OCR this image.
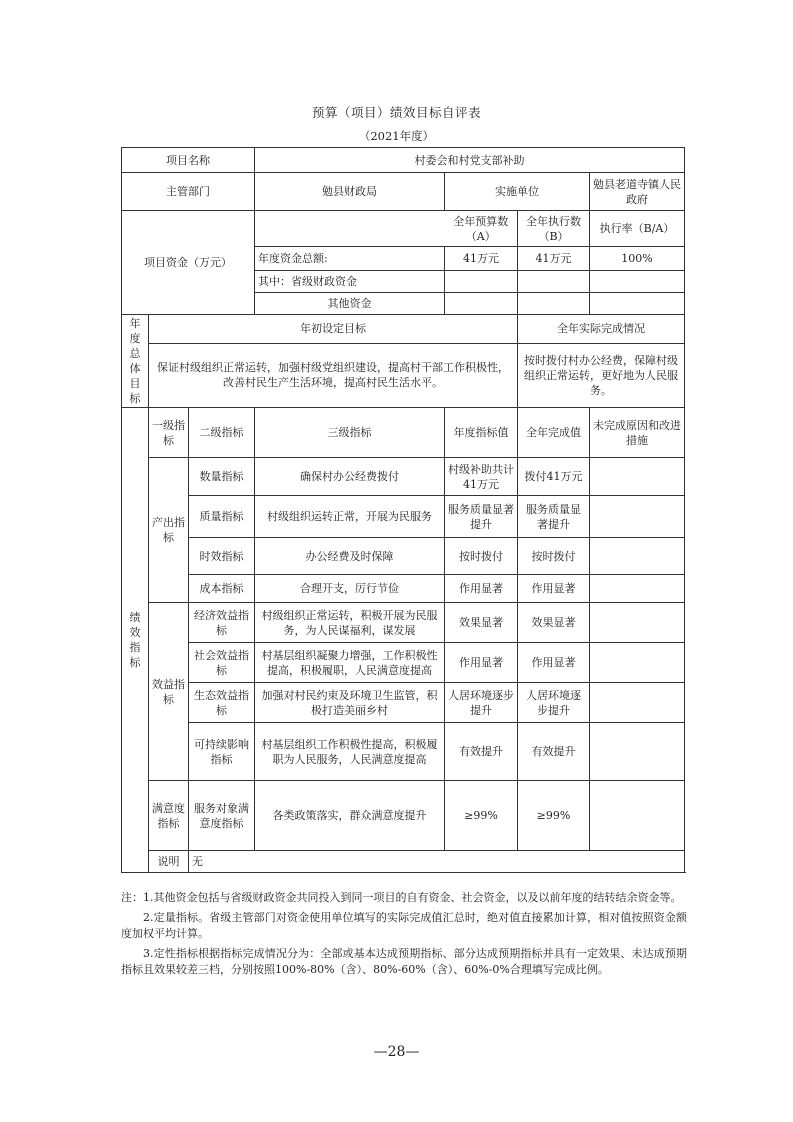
预算（项目）绩效目标自评表
（2021年度）
项目名称			村委会和村党支部补助			
主管部门			勉县财政局	实施单位		勉县老道寺镇人民政府
项目资金（万元）				全年预算数（A）	全年执行数（B）	执行率（B/A）
			年度资金总额:	41万元	41万元	100%
			其中：省级财政资金			
			其他资金			
年度总体目标	年初设定目标				全年实际完成情况	
	保证村级组织正常运转，加强村级党组织建设，提高村干部工作积极性，改善村民生产生活环境，提高村民生活水平。				按时拨付村办公经费，保障村级组织正常运转，更好地为人民服务。	
绩效指标	一级指标	二级指标	三级指标	年度指标值	全年完成值	未完成原因和改进措施
	产出指标	数量指标	确保村办公经费拨付	村级补助共计41万元	拨付41万元	
		质量指标	村级组织运转正常，开展为民服务	服务质量显著提升	服务质量显著提升	
		时效指标	办公经费及时保障	按时拨付	按时拨付	
		成本指标	合理开支，厉行节俭	作用显著	作用显著	
	效益指标	经济效益指标	村级组织正常运转，积极开展为民服务，为人民谋福利，谋发展	效果显著	效果显著	
		社会效益指标	村基层组织凝聚力增强，工作积极性提高，积极履职，人民满意度提高	作用显著	作用显著	
		生态效益指标	加强对村民约束及环境卫生监管，积极打造美丽乡村	人居环境逐步提升	人居环境逐步提升	
		可持续影响指标	村基层组织工作积极性提高，积极履职为人民服务，人民满意度提高	有效提升	有效提升	
	满意度指标	服务对象满意度指标	各类政策落实，群众满意度提升	≥99%	≥99%	
	说明	无				

注：1.其他资金包括与省级财政资金共同投入到同一项目的自有资金、社会资金，以及以前年度的结转结余资金等。

2.定量指标。省级主管部门对资金使用单位填写的实际完成值汇总时，绝对值直接累加计算，相对值按照资金额度加权平均计算。

3.定性指标根据指标完成情况分为：全部或基本达成预期指标、部分达成预期指标并具有一定效果、未达成预期指标且效果较差三档，分别按照100%-80%（含）、80%-60%（含）、60%-0%合理填写完成比例。

—28—
